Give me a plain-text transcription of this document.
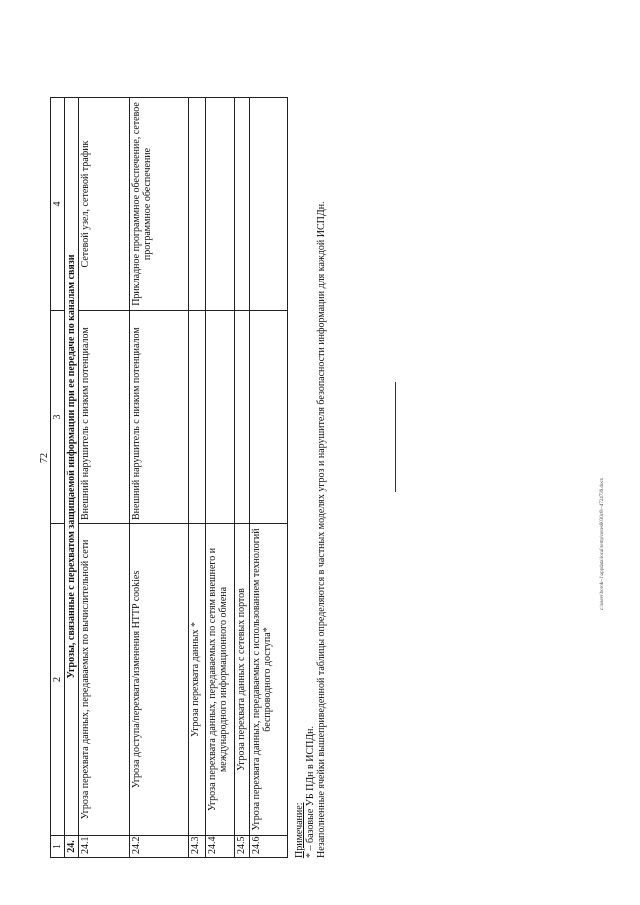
72
1	2	3	4
24.	Угрозы, связанные с перехватом защищаемой информации при ее передаче по каналам связи		
24.1	Угроза перехвата данных, передаваемых по вычислительной сети	Внешний нарушитель с низким потенциалом	Сетевой узел, сетевой трафик
24.2	Угроза доступа/перехвата/изменения HTTP cookies	Внешний нарушитель с низким потенциалом	Прикладное программное обеспечение, сетевое программное обеспечение
24.3	Угроза перехвата данных *		
24.4	Угроза перехвата данных, передаваемых по сетям внешнего и международного информационного обмена		
24.5	Угроза перехвата данных с сетевых портов		
24.6	Угроза перехвата данных, передаваемых с использованием технологий беспроводного доступа*		

Примечание: * – базовые УБ ПДн в ИСПДн. Незаполненные ячейки вышеприведенной таблицы определяются в частных моделях угроз и нарушителя безопасности информации для каждой ИСПДн.	c:\users\borok~1\appdata\local\temp\notes6030c8\~4724739.docx
